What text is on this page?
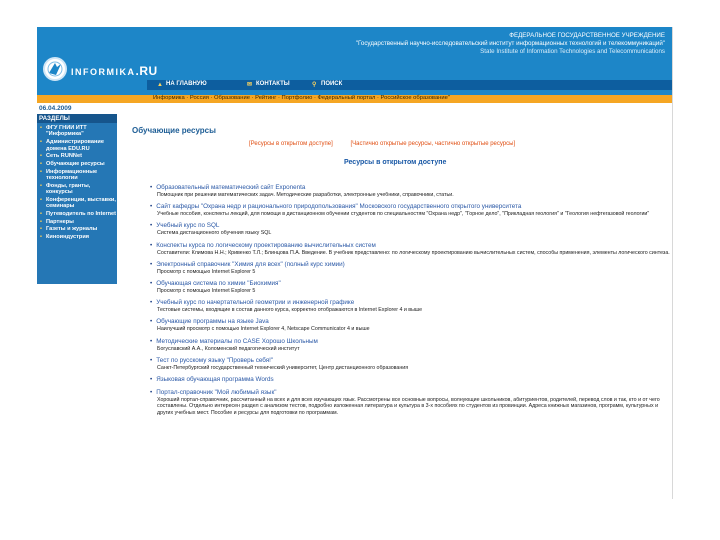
ФЕДЕРАЛЬНОЕ ГОСУДАРСТВЕННОЕ УЧРЕЖДЕНИЕ
"Государственный научно-исследовательский институт информационных технологий и телекоммуникаций"
State Institute of Information Technologies and Telecommunications
INFORMIKA.RU
▲ НА ГЛАВНУЮ	✉ КОНТАКТЫ	⚲ ПОИСК
Информика · Россия · Образование · Рейтинг · Портфолио · Федеральный портал · Российское образование"
06.04.2009
РАЗДЕЛЫ
• ФГУ ГНИИ ИТТ "Информика"
• Администрирование домена EDU.RU
• Сеть RUNNet
• Обучающие ресурсы
• Информационные технологии
• Фонды, гранты, конкурсы
• Конференции, выставки, семинары
• Путеводитель по Internet
• Партнеры
• Газеты и журналы
• Киноиндустрия
Обучающие ресурсы
[Ресурсы в открытом доступе]	[Частично открытые ресурсы, частично открытые ресурсы]
Ресурсы в открытом доступе
• Образовательный математический сайт Exponenta
Помощник при решении математических задач. Методические разработки, электронные учебники, справочники, статьи.
• Сайт кафедры "Охрана недр и рационального природопользования" Московского государственного открытого университета
Учебные пособия, конспекты лекций, для помощи в дистанционном обучении студентов по специальностям "Охрана недр", "Горное дело", "Прикладная геология" и "Геология нефтегазовой геологии"
• Учебный курс по SQL
Система дистанционного обучения языку SQL
• Конспекты курса по логическому проектированию вычислительных систем
Составители: Климова Н.Н.; Кривенко Т.Л.; Блинцова П.А. Введение. В учебник представлено: по логическому проектированию вычислительных систем, способы применения, элементы логического синтеза.
• Электронный справочник "Химия для всех" (полный курс химии)
Просмотр с помощью Internet Explorer 5
• Обучающая система по химии "Биохимия"
Просмотр с помощью Internet Explorer 5
• Учебный курс по начертательной геометрии и инженерной графике
Тестовые системы, входящие в состав данного курса, корректно отображаются в Internet Explorer 4 и выше
• Обучающие программы на языке Java
Наилучший просмотр с помощью Internet Explorer 4, Netscape Communicator 4 и выше
• Методические материалы по CASE Хорошо Школьным
Богуславский А.А., Коломенский педагогический институт
• Тест по русскому языку "Проверь себя!"
Санкт-Петербургский государственный технический университет, Центр дистанционного образования
• Языковая обучающая программа Words
• Портал-справочник "Мой любимый язык"
Хороший портал-справочник, рассчитанный на всех и для всех изучающих язык. Рассмотрены все основные вопросы, волнующие школьников, абитуриентов, родителей, перевод слов и так, кто и от чего составлены. Отдельно интересен раздел с анализом тестов, подробно изложенная литература и культура в 3-х пособиях по студентов из провинции. Адреса книжных магазинов, программ, культурных и других учебных мест. Пособие и ресурсы для подготовки по программам.
